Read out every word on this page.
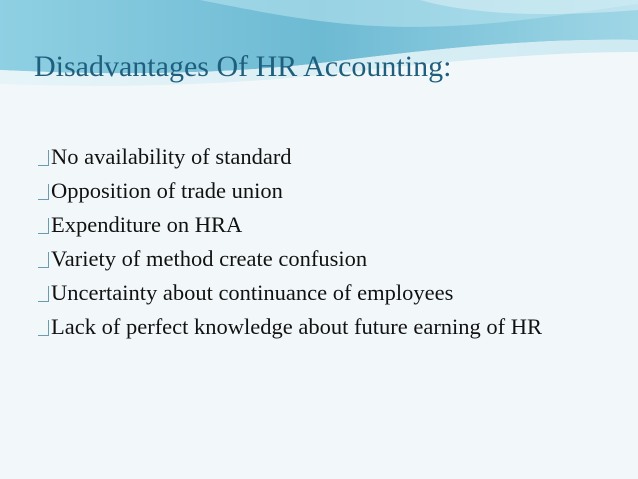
Disadvantages Of HR Accounting:
No availability of standard
Opposition of trade union
Expenditure on HRA
Variety of method create confusion
Uncertainty about continuance of employees
Lack of perfect knowledge about future earning of HR
